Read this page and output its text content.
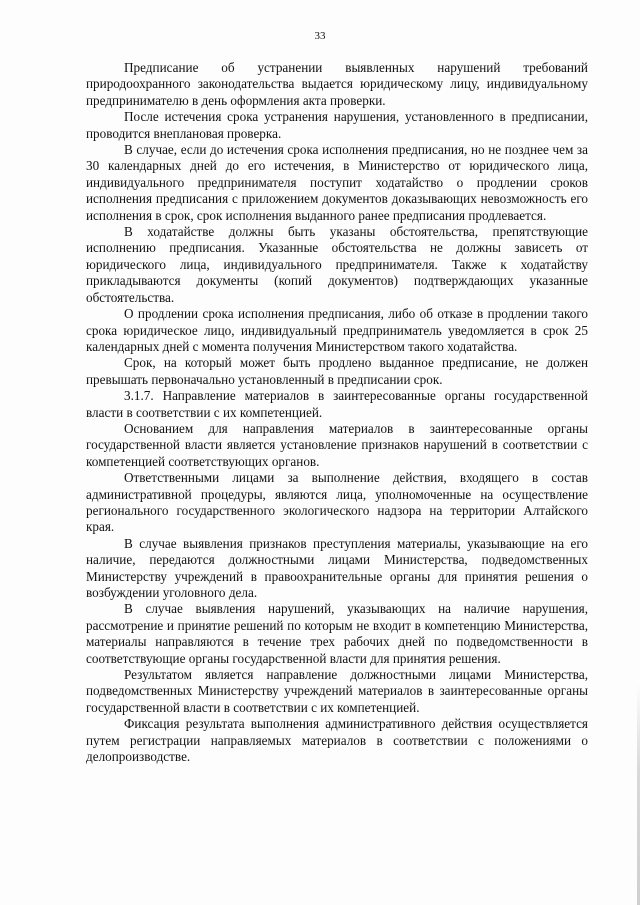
33

Предписание об устранении выявленных нарушений требований природоохранного законодательства выдается юридическому лицу, индивидуальному предпринимателю в день оформления акта проверки.

После истечения срока устранения нарушения, установленного в предписании, проводится внеплановая проверка.

В случае, если до истечения срока исполнения предписания, но не позднее чем за 30 календарных дней до его истечения, в Министерство от юридического лица, индивидуального предпринимателя поступит ходатайство о продлении сроков исполнения предписания с приложением документов доказывающих невозможность его исполнения в срок, срок исполнения выданного ранее предписания продлевается.

В ходатайстве должны быть указаны обстоятельства, препятствующие исполнению предписания. Указанные обстоятельства не должны зависеть от юридического лица, индивидуального предпринимателя. Также к ходатайству прикладываются документы (копий документов) подтверждающих указанные обстоятельства.

О продлении срока исполнения предписания, либо об отказе в продлении такого срока юридическое лицо, индивидуальный предприниматель уведомляется в срок 25 календарных дней с момента получения Министерством такого ходатайства.

Срок, на который может быть продлено выданное предписание, не должен превышать первоначально установленный в предписании срок.

3.1.7. Направление материалов в заинтересованные органы государственной власти в соответствии с их компетенцией.

Основанием для направления материалов в заинтересованные органы государственной власти является установление признаков нарушений в соответствии с компетенцией соответствующих органов.

Ответственными лицами за выполнение действия, входящего в состав административной процедуры, являются лица, уполномоченные на осуществление регионального государственного экологического надзора на территории Алтайского края.

В случае выявления признаков преступления материалы, указывающие на его наличие, передаются должностными лицами Министерства, подведомственных Министерству учреждений в правоохранительные органы для принятия решения о возбуждении уголовного дела.

В случае выявления нарушений, указывающих на наличие нарушения, рассмотрение и принятие решений по которым не входит в компетенцию Министерства, материалы направляются в течение трех рабочих дней по подведомственности в соответствующие органы государственной власти для принятия решения.

Результатом является направление должностными лицами Министерства, подведомственных Министерству учреждений материалов в заинтересованные органы государственной власти в соответствии с их компетенцией.

Фиксация результата выполнения административного действия осуществляется путем регистрации направляемых материалов в соответствии с положениями о делопроизводстве.
